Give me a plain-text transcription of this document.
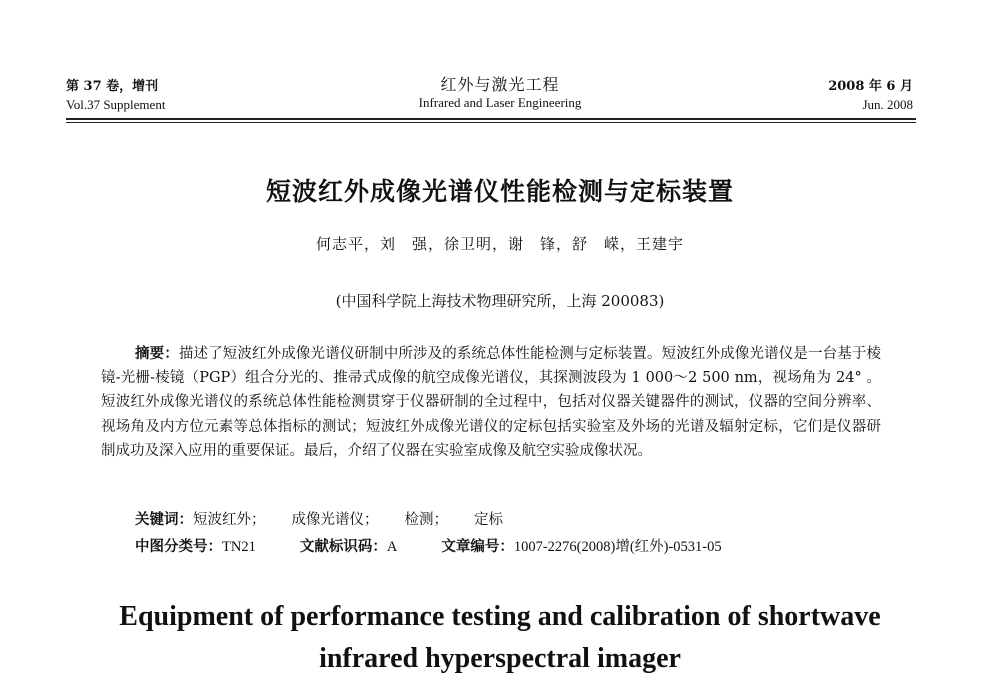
第 37 卷，增刊
Vol.37 Supplement
红外与激光工程
Infrared and Laser Engineering
2008 年 6 月
Jun. 2008
短波红外成像光谱仪性能检测与定标装置
何志平，刘　强，徐卫明，谢　锋，舒　嵘，王建宇
(中国科学院上海技术物理研究所，上海 200083)
摘要：描述了短波红外成像光谱仪研制中所涉及的系统总体性能检测与定标装置。短波红外成像光谱仪是一台基于棱镜-光栅-棱镜（PGP）组合分光的、推帚式成像的航空成像光谱仪，其探测波段为 1 000～2 500 nm，视场角为 24° 。短波红外成像光谱仪的系统总体性能检测贯穿于仪器研制的全过程中，包括对仪器关键器件的测试，仪器的空间分辨率、视场角及内方位元素等总体指标的测试；短波红外成像光谱仪的定标包括实验室及外场的光谱及辐射定标，它们是仪器研制成功及深入应用的重要保证。最后，介绍了仪器在实验室成像及航空实验成像状况。
关键词：短波红外； 成像光谱仪； 检测； 定标
中图分类号：TN21	文献标识码：A	文章编号：1007-2276(2008)增(红外)-0531-05
Equipment of performance testing and calibration of shortwave
infrared hyperspectral imager
